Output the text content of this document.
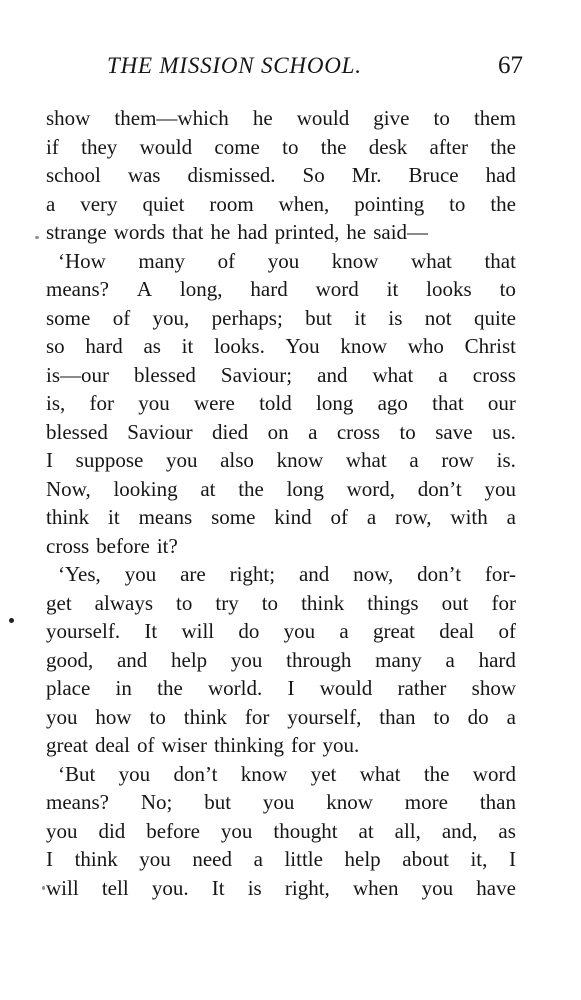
THE MISSION SCHOOL.	67
show them—which he would give to them
if they would come to the desk after the
school was dismissed. So Mr. Bruce had
a very quiet room when, pointing to the
strange words that he had printed, he said—
‘How many of you know what that
means? A long, hard word it looks to
some of you, perhaps; but it is not quite
so hard as it looks. You know who Christ
is—our blessed Saviour; and what a cross
is, for you were told long ago that our
blessed Saviour died on a cross to save us.
I suppose you also know what a row is.
Now, looking at the long word, don’t you
think it means some kind of a row, with a
cross before it?
‘Yes, you are right; and now, don’t for-
get always to try to think things out for
yourself. It will do you a great deal of
good, and help you through many a hard
place in the world. I would rather show
you how to think for yourself, than to do a
great deal of wiser thinking for you.
‘But you don’t know yet what the word
means? No; but you know more than
you did before you thought at all, and, as
I think you need a little help about it, I
will tell you. It is right, when you have
